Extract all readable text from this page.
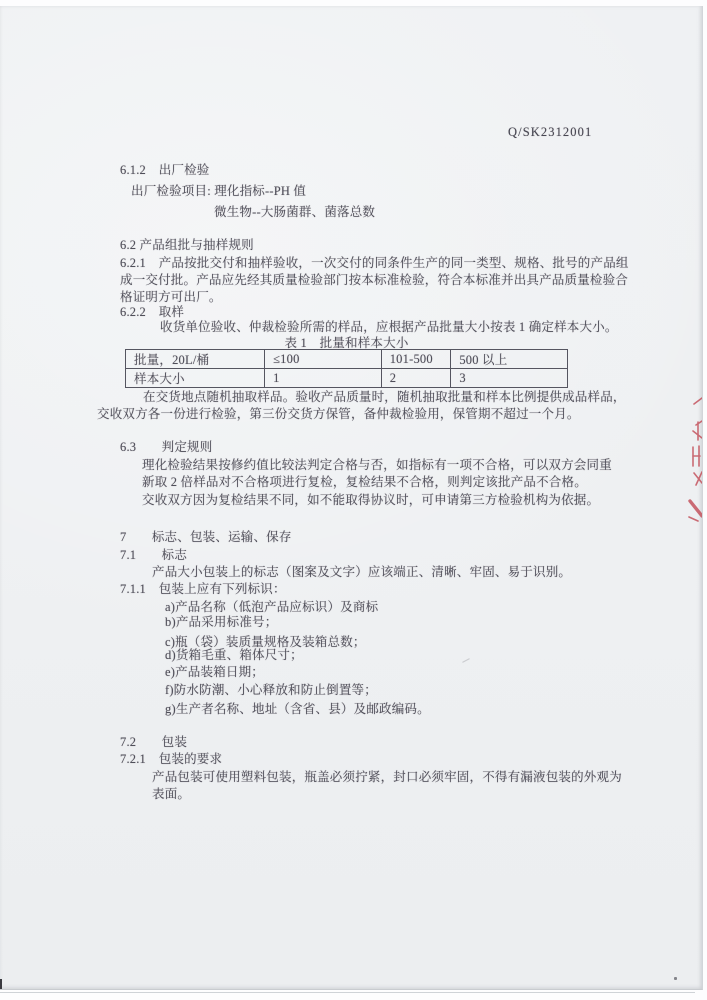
Q/SK2312001
6.1.2　出厂检验
出厂检验项目: 理化指标--PH 值
微生物--大肠菌群、菌落总数
6.2 产品组批与抽样规则
6.2.1　产品按批交付和抽样验收，一次交付的同条件生产的同一类型、规格、批号的产品组
成一交付批。产品应先经其质量检验部门按本标准检验，符合本标准并出具产品质量检验合
格证明方可出厂。
6.2.2　取样
收货单位验收、仲裁检验所需的样品，应根据产品批量大小按表 1 确定样本大小。
表 1　批量和样本大小
批量，20L/桶	≤100	101-500	500 以上
样本大小	1	2	3
在交货地点随机抽取样品。验收产品质量时，随机抽取批量和样本比例提供成品样品，
交收双方各一份进行检验，第三份交货方保管，备仲裁检验用，保管期不超过一个月。
6.3　　判定规则
理化检验结果按修约值比较法判定合格与否，如指标有一项不合格，可以双方会同重
新取 2 倍样品对不合格项进行复检，复检结果不合格，则判定该批产品不合格。
交收双方因为复检结果不同，如不能取得协议时，可申请第三方检验机构为依据。
7　　标志、包装、运输、保存
7.1　　标志
产品大小包装上的标志（图案及文字）应该端正、清晰、牢固、易于识别。
7.1.1　包装上应有下列标识：
a)产品名称（低泡产品应标识）及商标
b)产品采用标准号；
c)瓶（袋）装质量规格及装箱总数；
d)货箱毛重、箱体尺寸；
e)产品装箱日期；
f)防水防潮、小心释放和防止倒置等；
g)生产者名称、地址（含省、县）及邮政编码。
7.2　　包装
7.2.1　包装的要求
产品包装可使用塑料包装，瓶盖必须拧紧，封口必须牢固，不得有漏液包装的外观为
表面。
